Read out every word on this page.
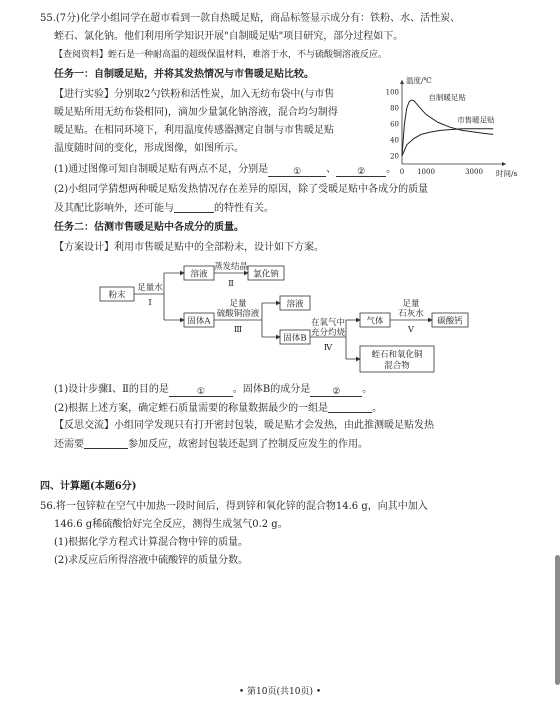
55.(7分)化学小组同学在超市看到一款自热暖足贴，商品标签显示成分有：铁粉、水、活性炭、
蛭石、氯化钠。他们利用所学知识开展"自制暖足贴"项目研究，部分过程如下。
【查阅资料】蛭石是一种耐高温的超级保温材料，难溶于水，不与硫酸铜溶液反应。
任务一：自制暖足贴，并将其发热情况与市售暖足贴比较。
【进行实验】分别取2勺铁粉和活性炭，加入无纺布袋中(与市售
暖足贴所用无纺布袋相同)，滴加少量氯化钠溶液，混合均匀制得
暖足贴。在相同环境下，利用温度传感器测定自制与市售暖足贴
温度随时间的变化，形成图像，如图所示。
温度/℃
时间/s
20
40
60
80
100
0 1000	3000
自制暖足贴
市售暖足贴
(1)通过图像可知自制暖足贴有两点不足，分别是	① 、 ② 。
(2)小组同学猜想两种暖足贴发热情况存在差异的原因，除了受暖足贴中各成分的质量
及其配比影响外，还可能与	的特性有关。
任务二：估测市售暖足贴中各成分的质量。
【方案设计】利用市售暖足贴中的全部粉末，设计如下方案。
粉末
足量水
Ⅰ
溶液
蒸发结晶
Ⅱ
氯化钠
固体A
足量
硫酸铜溶液
Ⅲ
溶液
固体B
在氧气中
充分灼烧
Ⅳ
气体
足量
石灰水
Ⅴ
碳酸钙
蛭石和氧化铜
混合物
(1)设计步骤Ⅰ、Ⅱ的目的是	①	。固体B的成分是 ② 。
(2)根据上述方案，确定蛭石质量需要的称量数据最少的一组是	。
【反思交流】小组同学发现只有打开密封包装，暖足贴才会发热，由此推测暖足贴发热
还需要	参加反应，故密封包装还起到了控制反应发生的作用。
四、计算题(本题6分)
56.将一包锌粒在空气中加热一段时间后，得到锌和氧化锌的混合物14.6 g，向其中加入
146.6 g稀硫酸恰好完全反应，测得生成氢气0.2 g。
(1)根据化学方程式计算混合物中锌的质量。
(2)求反应后所得溶液中硫酸锌的质量分数。
• 第10页(共10页) •
